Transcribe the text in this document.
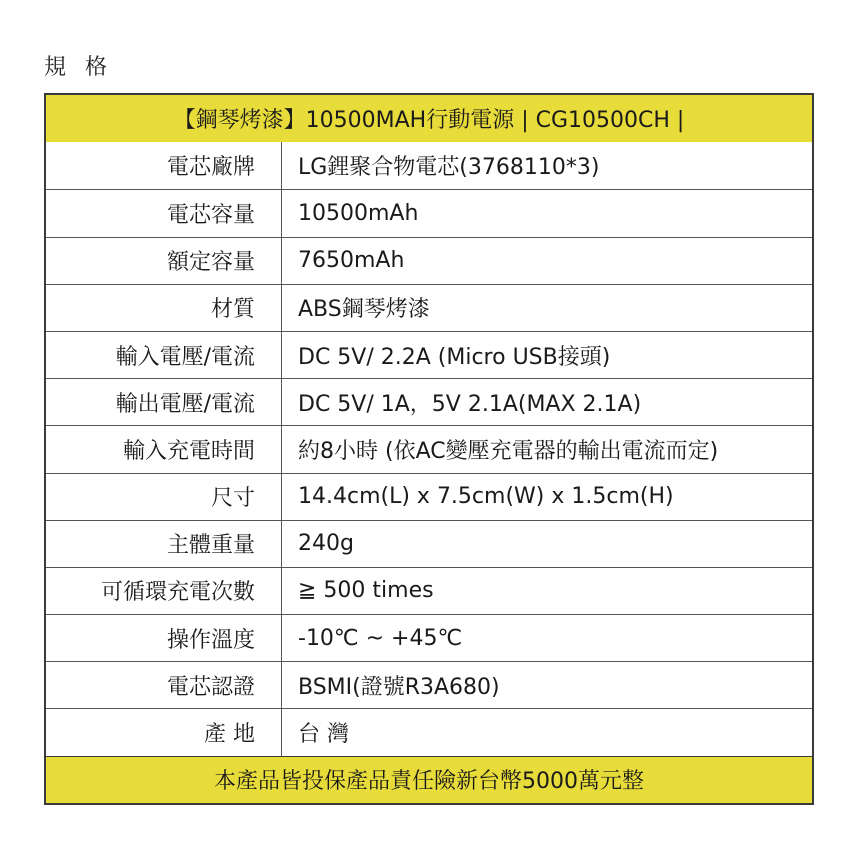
規 格
【鋼琴烤漆】10500MAH行動電源 | CG10500CH |
電芯廠牌	LG鋰聚合物電芯(3768110*3)
電芯容量	10500mAh
額定容量	7650mAh
材質	ABS鋼琴烤漆
輸入電壓/電流	DC 5V/ 2.2A (Micro USB接頭)
輸出電壓/電流	DC 5V/ 1A，5V 2.1A(MAX 2.1A)
輸入充電時間	約8小時 (依AC變壓充電器的輸出電流而定)
尺寸	14.4cm(L) x 7.5cm(W) x 1.5cm(H)
主體重量	240g
可循環充電次數	≧ 500 times
操作溫度	-10℃ ~ +45℃
電芯認證	BSMI(證號R3A680)
產 地	台 灣
本產品皆投保產品責任險新台幣5000萬元整
